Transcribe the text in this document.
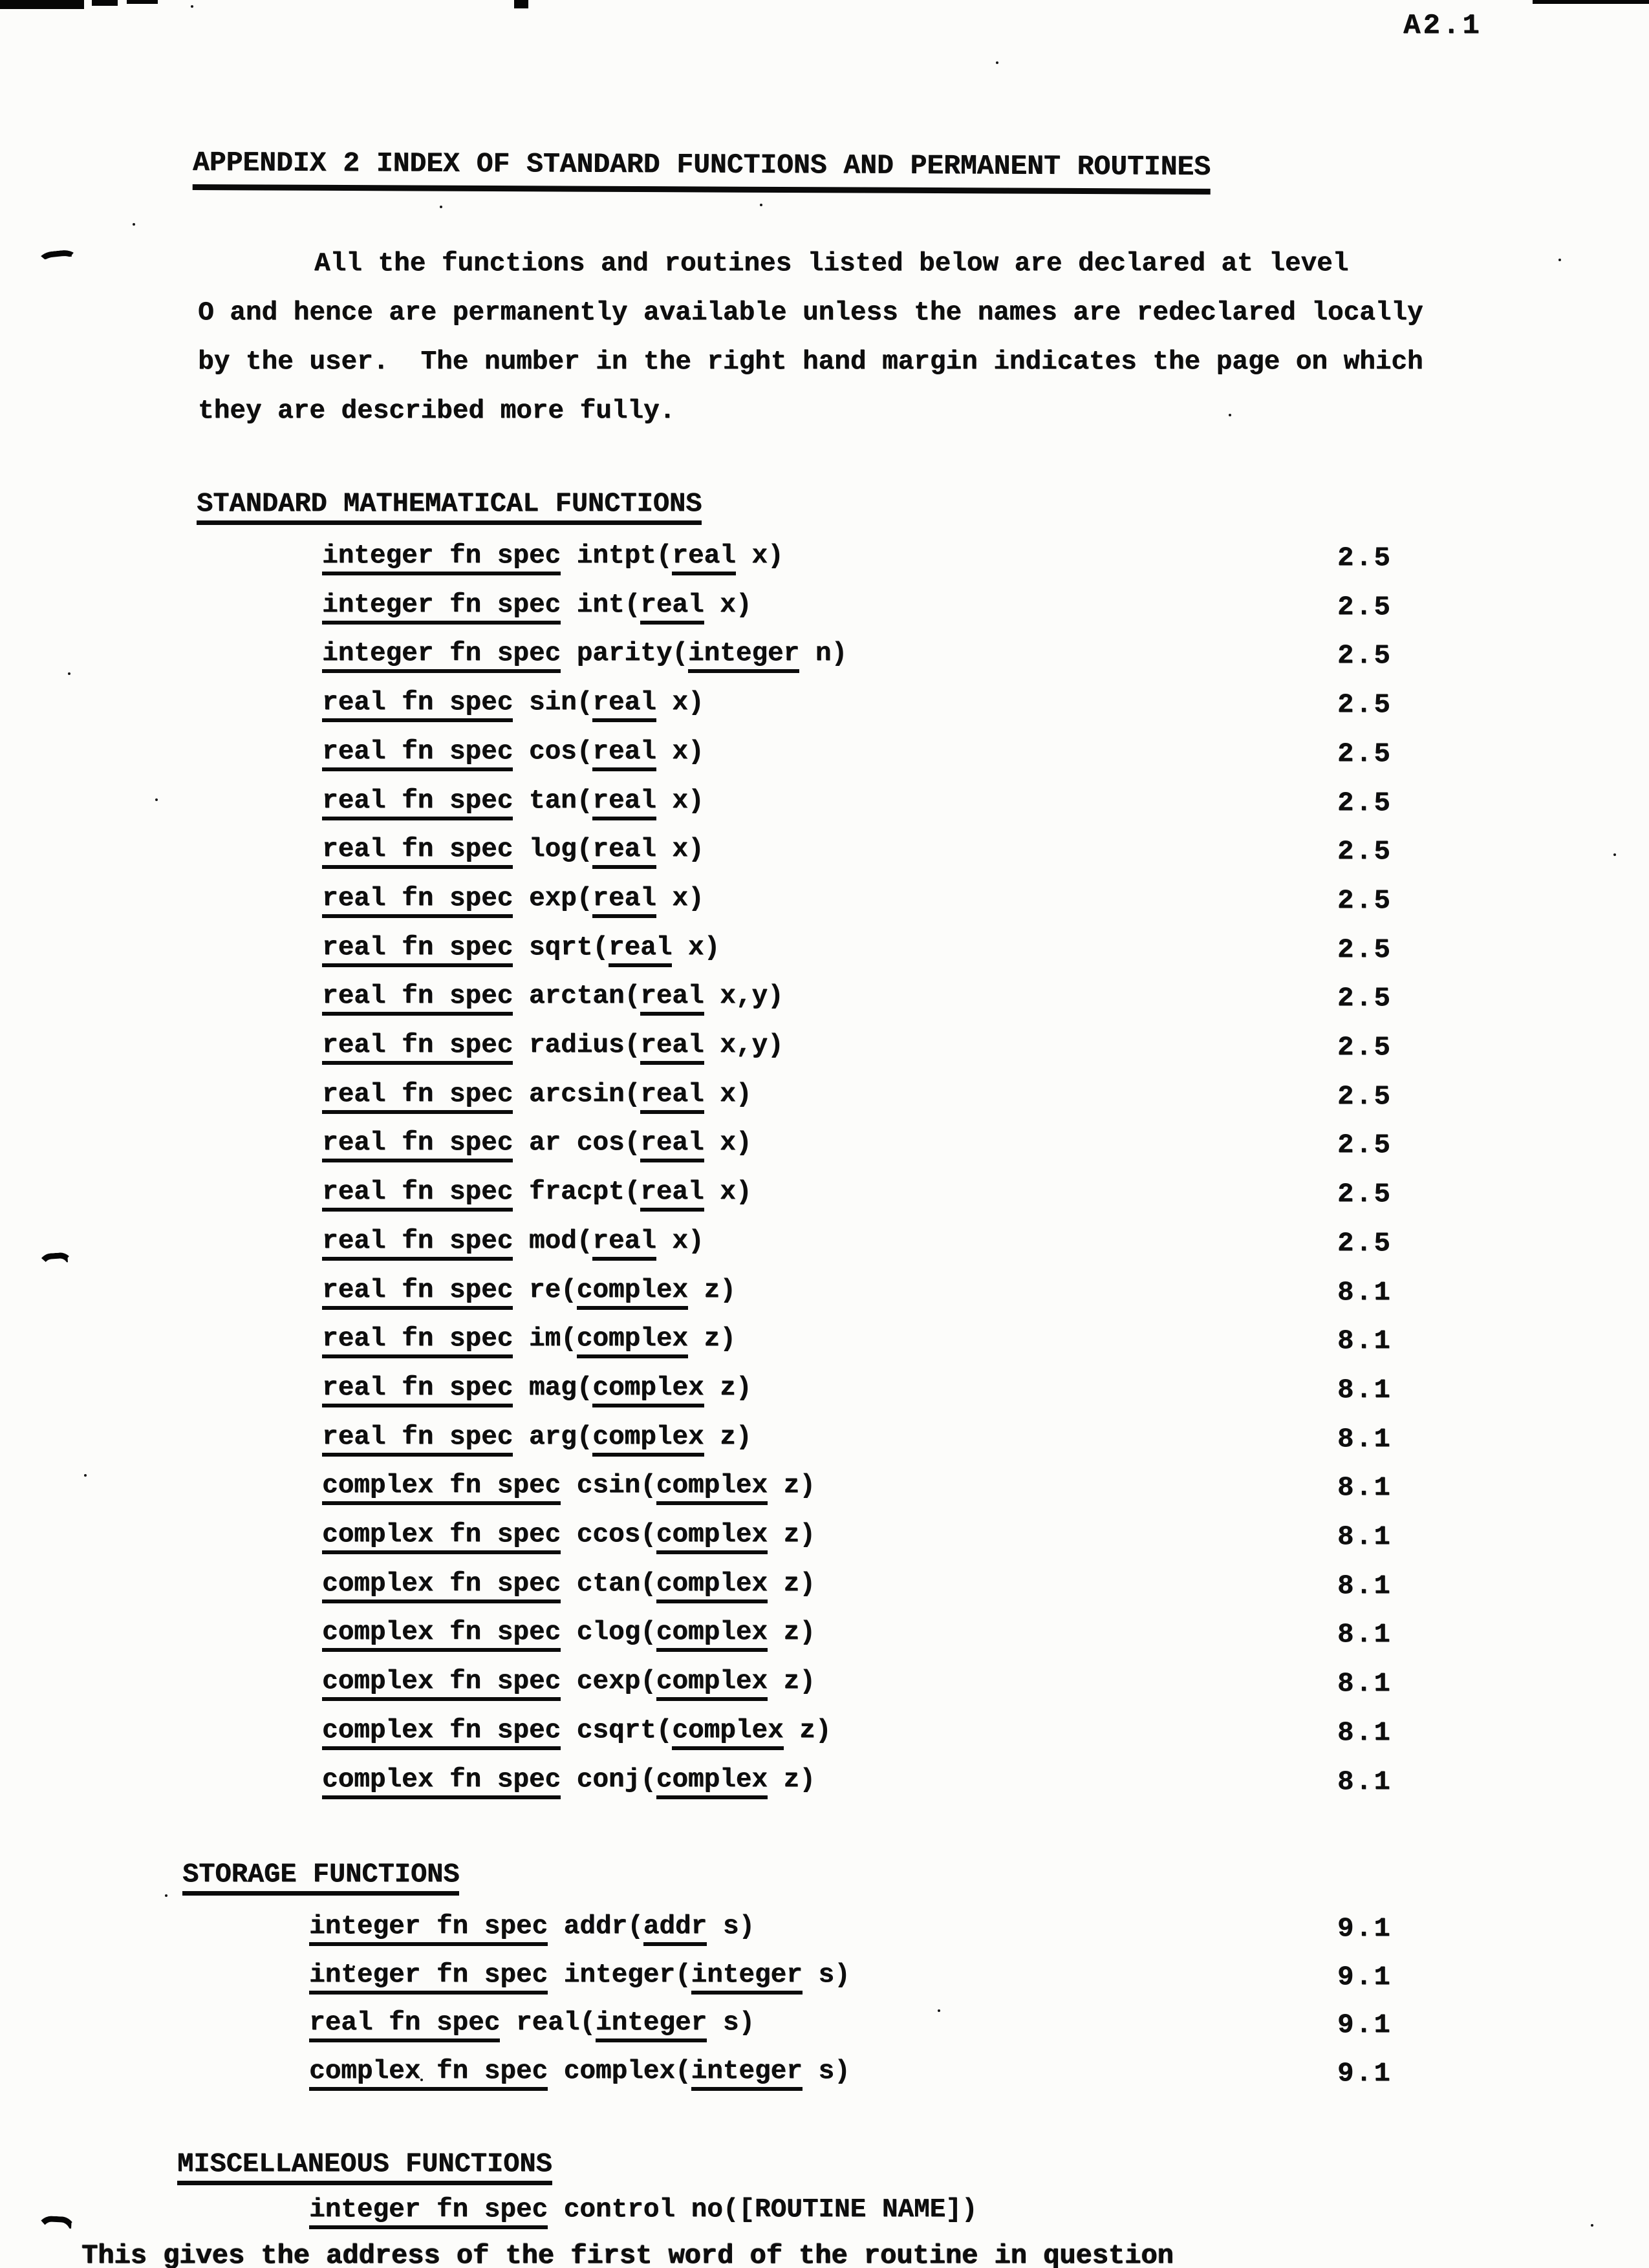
A2.1
APPENDIX 2 INDEX OF STANDARD FUNCTIONS AND PERMANENT ROUTINES
All the functions and routines listed below are declared at level
O and hence are permanently available unless the names are redeclared locally
by the user.  The number in the right hand margin indicates the page on which
they are described more fully.
STANDARD MATHEMATICAL FUNCTIONS
integer fn spec intpt(real x)	2.5
integer fn spec int(real x)	2.5
integer fn spec parity(integer n)	2.5
real fn spec sin(real x)	2.5
real fn spec cos(real x)	2.5
real fn spec tan(real x)	2.5
real fn spec log(real x)	2.5
real fn spec exp(real x)	2.5
real fn spec sqrt(real x)	2.5
real fn spec arctan(real x,y)	2.5
real fn spec radius(real x,y)	2.5
real fn spec arcsin(real x)	2.5
real fn spec ar cos(real x)	2.5
real fn spec fracpt(real x)	2.5
real fn spec mod(real x)	2.5
real fn spec re(complex z)	8.1
real fn spec im(complex z)	8.1
real fn spec mag(complex z)	8.1
real fn spec arg(complex z)	8.1
complex fn spec csin(complex z)	8.1
complex fn spec ccos(complex z)	8.1
complex fn spec ctan(complex z)	8.1
complex fn spec clog(complex z)	8.1
complex fn spec cexp(complex z)	8.1
complex fn spec csqrt(complex z)	8.1
complex fn spec conj(complex z)	8.1
STORAGE FUNCTIONS
integer fn spec addr(addr s)	9.1
integer fn spec integer(integer s)	9.1
real fn spec real(integer s)	9.1
complex fn spec complex(integer s)	9.1
MISCELLANEOUS FUNCTIONS
integer fn spec control no([ROUTINE NAME])
This gives the address of the first word of the routine in question
